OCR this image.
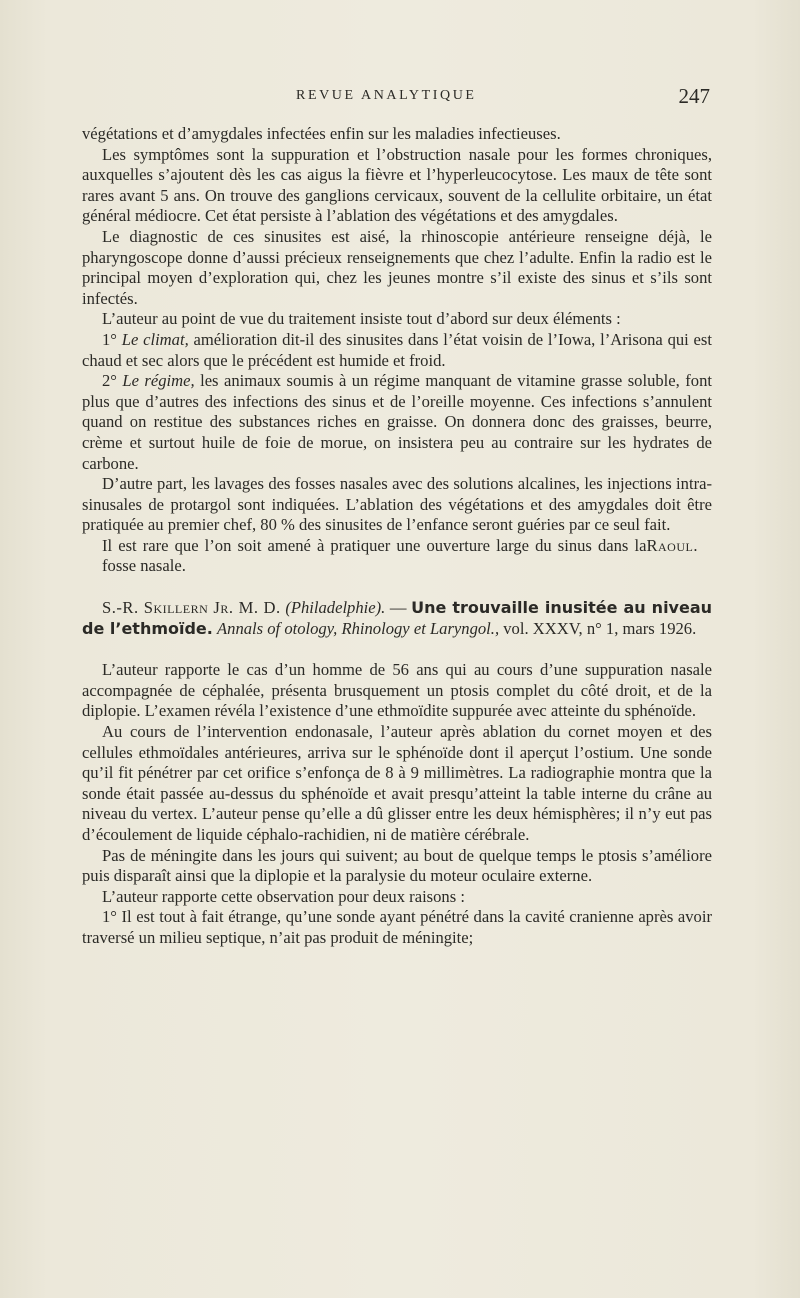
REVUE ANALYTIQUE	247

végétations et d’amygdales infectées enfin sur les maladies infectieuses.

Les symptômes sont la suppuration et l’obstruction nasale pour les formes chroniques, auxquelles s’ajoutent dès les cas aigus la fièvre et l’hyperleucocytose. Les maux de tête sont rares avant 5 ans. On trouve des ganglions cervicaux, souvent de la cellulite orbitaire, un état général médiocre. Cet état persiste à l’ablation des végétations et des amygdales.

Le diagnostic de ces sinusites est aisé, la rhinoscopie antérieure renseigne déjà, le pharyngoscope donne d’aussi précieux renseignements que chez l’adulte. Enfin la radio est le principal moyen d’exploration qui, chez les jeunes montre s’il existe des sinus et s’ils sont infectés.

L’auteur au point de vue du traitement insiste tout d’abord sur deux éléments :

1° Le climat, amélioration dit-il des sinusites dans l’état voisin de l’Iowa, l’Arisona qui est chaud et sec alors que le précédent est humide et froid.

2° Le régime, les animaux soumis à un régime manquant de vitamine grasse soluble, font plus que d’autres des infections des sinus et de l’oreille moyenne. Ces infections s’annulent quand on restitue des substances riches en graisse. On donnera donc des graisses, beurre, crème et surtout huile de foie de morue, on insistera peu au contraire sur les hydrates de carbone.

D’autre part, les lavages des fosses nasales avec des solutions alcalines, les injections intra-sinusales de protargol sont indiquées. L’ablation des végétations et des amygdales doit être pratiquée au premier chef, 80 % des sinusites de l’enfance seront guéries par ce seul fait.

Il est rare que l’on soit amené à pratiquer une ouverture large du sinus dans la fosse nasale.
Raoul.

S.-R. Skillern Jr. M. D. (Philadelphie). — Une trouvaille inusitée au niveau de l’ethmoïde. Annals of otology, Rhinology et Laryngol., vol. XXXV, n° 1, mars 1926.

L’auteur rapporte le cas d’un homme de 56 ans qui au cours d’une suppuration nasale accompagnée de céphalée, présenta brusquement un ptosis complet du côté droit, et de la diplopie. L’examen révéla l’existence d’une ethmoïdite suppurée avec atteinte du sphénoïde.

Au cours de l’intervention endonasale, l’auteur après ablation du cornet moyen et des cellules ethmoïdales antérieures, arriva sur le sphénoïde dont il aperçut l’ostium. Une sonde qu’il fit pénétrer par cet orifice s’enfonça de 8 à 9 millimètres. La radiographie montra que la sonde était passée au-dessus du sphénoïde et avait presqu’atteint la table interne du crâne au niveau du vertex. L’auteur pense qu’elle a dû glisser entre les deux hémisphères; il n’y eut pas d’écoulement de liquide céphalo-rachidien, ni de matière cérébrale.

Pas de méningite dans les jours qui suivent; au bout de quelque temps le ptosis s’améliore puis disparaît ainsi que la diplopie et la paralysie du moteur oculaire externe.

L’auteur rapporte cette observation pour deux raisons :

1° Il est tout à fait étrange, qu’une sonde ayant pénétré dans la cavité cranienne après avoir traversé un milieu septique, n’ait pas produit de méningite;
